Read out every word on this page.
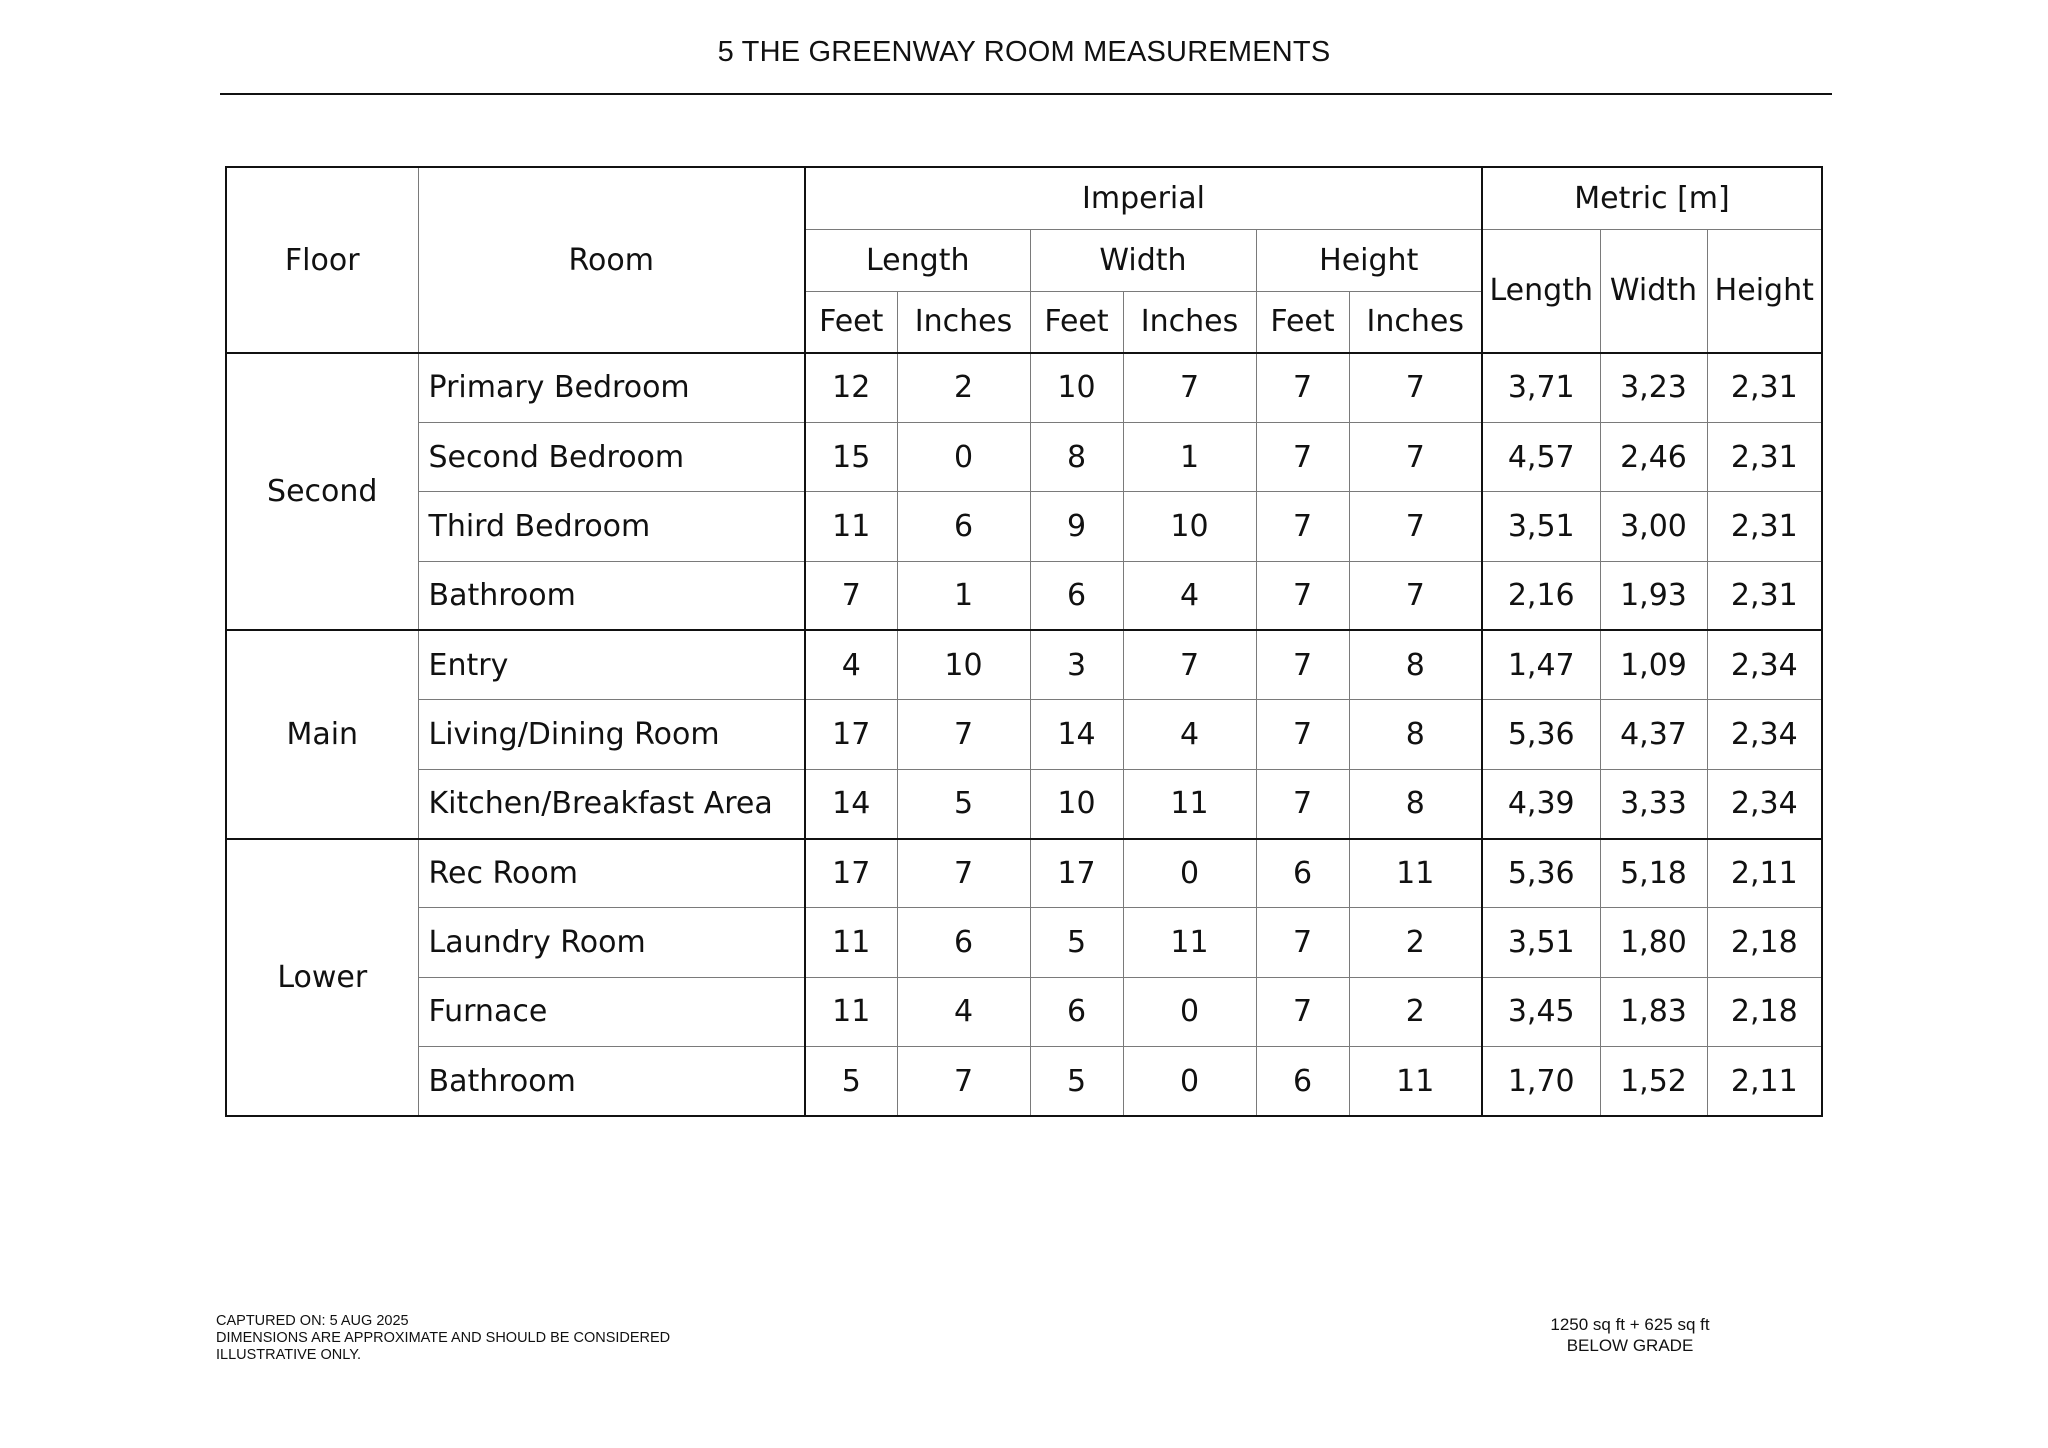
5 THE GREENWAY ROOM MEASUREMENTS
Floor	Room	Imperial						Metric [m]		
		Length		Width		Height		Length	Width	Height
		Feet	Inches	Feet	Inches	Feet	Inches			
Second	Primary Bedroom	12	2	10	7	7	7	3,71	3,23	2,31
	Second Bedroom	15	0	8	1	7	7	4,57	2,46	2,31
	Third Bedroom	11	6	9	10	7	7	3,51	3,00	2,31
	Bathroom	7	1	6	4	7	7	2,16	1,93	2,31
Main	Entry	4	10	3	7	7	8	1,47	1,09	2,34
	Living/Dining Room	17	7	14	4	7	8	5,36	4,37	2,34
	Kitchen/Breakfast Area	14	5	10	11	7	8	4,39	3,33	2,34
Lower	Rec Room	17	7	17	0	6	11	5,36	5,18	2,11
	Laundry Room	11	6	5	11	7	2	3,51	1,80	2,18
	Furnace	11	4	6	0	7	2	3,45	1,83	2,18
	Bathroom	5	7	5	0	6	11	1,70	1,52	2,11
CAPTURED ON: 5 AUG 2025
DIMENSIONS ARE APPROXIMATE AND SHOULD BE CONSIDERED
ILLUSTRATIVE ONLY.
1250 sq ft + 625 sq ft
BELOW GRADE
